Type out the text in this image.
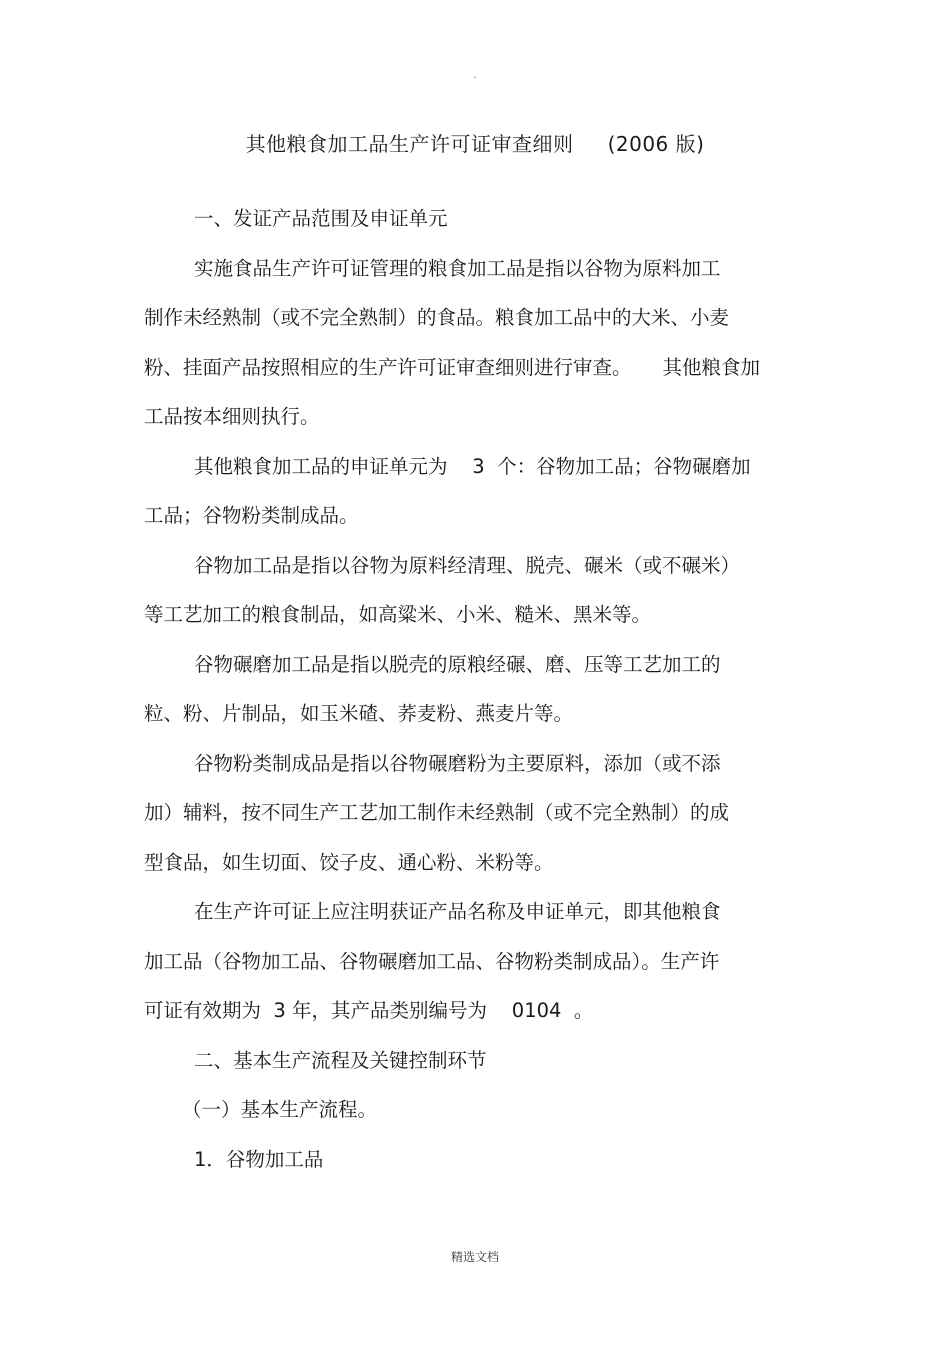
.
其他粮食加工品生产许可证审查细则 (2006 版)
一、发证产品范围及申证单元
实施食品生产许可证管理的粮食加工品是指以谷物为原料加工
制作未经熟制（或不完全熟制）的食品。粮食加工品中的大米、小麦
粉、挂面产品按照相应的生产许可证审查细则进行审查。     其他粮食加
工品按本细则执行。
其他粮食加工品的申证单元为    3  个：谷物加工品；谷物碾磨加
工品；谷物粉类制成品。
谷物加工品是指以谷物为原料经清理、脱壳、碾米（或不碾米）
等工艺加工的粮食制品，如高粱米、小米、糙米、黑米等。
谷物碾磨加工品是指以脱壳的原粮经碾、磨、压等工艺加工的
粒、粉、片制品，如玉米碴、荞麦粉、燕麦片等。
谷物粉类制成品是指以谷物碾磨粉为主要原料，添加（或不添
加）辅料，按不同生产工艺加工制作未经熟制（或不完全熟制）的成
型食品，如生切面、饺子皮、通心粉、米粉等。
在生产许可证上应注明获证产品名称及申证单元，即其他粮食
加工品（谷物加工品、谷物碾磨加工品、谷物粉类制成品）。生产许
可证有效期为  3 年，其产品类别编号为    0104  。
二、基本生产流程及关键控制环节
（一）基本生产流程。
1．谷物加工品
精选文档
